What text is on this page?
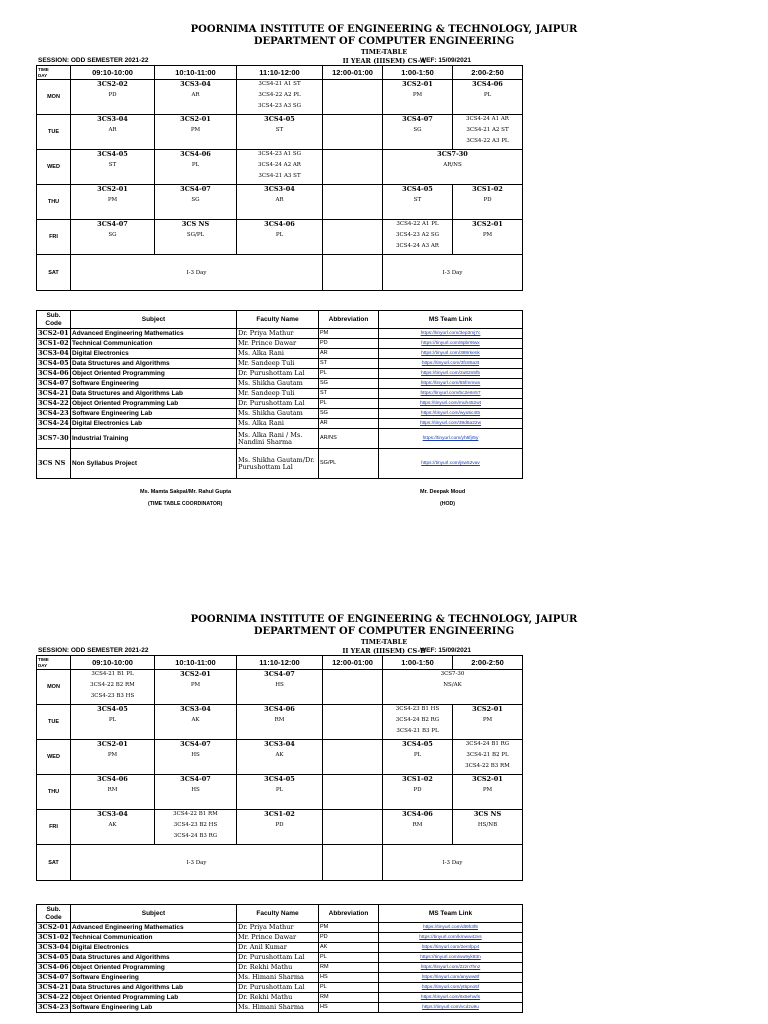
POORNIMA INSTITUTE OF ENGINEERING & TECHNOLOGY, JAIPUR
DEPARTMENT OF COMPUTER ENGINEERING
TIME-TABLE
SESSION: ODD SEMESTER 2021-22	II YEAR (IIISEM) CS-A
WEF: 15/09/2021
TIME
DAY	09:10-10:00	10:10-11:00	11:10-12:00	12:00-01:00	1:00-1:50	2:00-2:50
MON	3CS2-02
PD	3CS3-04
AR	3CS4-21 A1 ST
3CS4-22 A2 PL
3CS4-23 A3 SG		3CS2-01
PM	3CS4-06
PL

TUE	3CS3-04
AR	3CS2-01
PM	3CS4-05
ST		3CS4-07
SG	3CS4-24 A1 AR
3CS4-21 A2 ST
3CS4-22 A3 PL

WED	3CS4-05
ST	3CS4-06
PL	3CS4-23 A1 SG
3CS4-24 A2 AR
3CS4-21 A3 ST		3CS7-30
AR/NS	

THU	3CS2-01
PM	3CS4-07
SG	3CS3-04
AR		3CS4-05
ST	3CS1-02
PD

FRI	3CS4-07
SG	3CS NS
SG/PL	3CS4-06
PL		3CS4-22 A1 PL
3CS4-23 A2 SG
3CS4-24 A3 AR	3CS2-01
PM

SAT	I-3 Day				I-3 Day	
Sub. Code	Subject	Faculty Name	Abbreviation	MS Team Link
3CS2-01	Advanced Engineering Mathematics	Dr. Priya Mathur	PM	https://tinyurl.com/3ep3mj7c
3CS1-02	Technical Communication	Mr. Prince Dawar	PD	https://tinyurl.com/6pbr9twx
3CS3-04	Digital Electronics	Ms. Alka Rani	AR	https://tinyurl.com/388rkenk
3CS4-05	Data Structures and Algorithms	Mr. Sandeep Tuli	ST	https://tinyurl.com/3fc85a3t
3CS4-06	Object Oriented Programming	Dr. Purushottam Lal	PL	https://tinyurl.com/2u82n5f5
3CS4-07	Software Engineering	Ms. Shikha Gautam	SG	https://tinyurl.com/55fmmwx
3CS4-21	Data Structures and Algorithms Lab	Mr. Sandeep Tuli	ST	https://tinyurl.com/5c2e6n57
3CS4-22	Object Oriented Programming Lab	Dr. Purushottam Lal	PL	https://tinyurl.com/muh452wt
3CS4-23	Software Engineering Lab	Ms. Shikha Gautam	SG	https://tinyurl.com/wyu5c4t5
3CS4-24	Digital Electronics Lab	Ms. Alka Rani	AR	https://tinyurl.com/39d6a22w
3CS7-30	Industrial Training	Ms. Alka Rani / Ms. Nandini Sharma	AR/NS	https://tinyurl.com/yh6fjr5y
3CS NS	Non Syllabus Project	Ms. Shikha Gautam/Dr. Purushottam Lal	SG/PL	https://tinyurl.com/jsw52vav
Ms. Mamta Sakpal/Mr. Rahul Gupta
(TIME TABLE COORDINATOR)
Mr. Deepak Moud
(HOD)
POORNIMA INSTITUTE OF ENGINEERING & TECHNOLOGY, JAIPUR
DEPARTMENT OF COMPUTER ENGINEERING
TIME-TABLE
SESSION: ODD SEMESTER 2021-22	II YEAR (IIISEM) CS-B
WEF: 15/09/2021
TIME
DAY	09:10-10:00	10:10-11:00	11:10-12:00	12:00-01:00	1:00-1:50	2:00-2:50
MON	3CS4-21 B1 PL
3CS4-22 B2 RM
3CS4-23 B3 HS	3CS2-01
PM	3CS4-07
HS		3CS7-30
NS/AK	

TUE	3CS4-05
PL	3CS3-04
AK	3CS4-06
RM		3CS4-23 B1 HS
3CS4-24 B2 RG
3CS4-21 B3 PL	3CS2-01
PM

WED	3CS2-01
PM	3CS4-07
HS	3CS3-04
AK		3CS4-05
PL	3CS4-24 B1 RG
3CS4-21 B2 PL
3CS4-22 B3 RM

THU	3CS4-06
RM	3CS4-07
HS	3CS4-05
PL		3CS1-02
PD	3CS2-01
PM

FRI	3CS3-04
AK	3CS4-22 B1 RM
3CS4-23 B2 HS
3CS4-24 B3 RG	3CS1-02
PD		3CS4-06
RM	3CS NS
HS/NB

SAT	I-3 Day				I-3 Day	
Sub. Code	Subject	Faculty Name	Abbreviation	MS Team Link
3CS2-01	Advanced Engineering Mathematics	Dr. Priya Mathur	PM	https://tinyurl.com/dt9h3f6
3CS1-02	Technical Communication	Mr. Prince Dawar	PD	https://tinyurl.com/kmww42vs
3CS3-04	Digital Electronics	Dr. Anil Kumar	AK	https://tinyurl.com/2emfpp4
3CS4-05	Data Structures and Algorithms	Dr. Purushottam Lal	PL	https://tinyurl.com/wu9yk93n
3CS4-06	Object Oriented Programming	Dr. Rekhi Mathu	RM	https://tinyurl.com/2zzn7hnz
3CS4-07	Software Engineering	Ms. Himani Sharma	HS	https://tinyurl.com/anyww8f
3CS4-21	Data Structures and Algorithms Lab	Dr. Purushottam Lal	PL	https://tinyurl.com/yt5pno5f
3CS4-22	Object Oriented Programming Lab	Dr. Rekhi Mathu	RM	https://tinyurl.com/6x5ehwfs
3CS4-23	Software Engineering Lab	Ms. Himani Sharma	HS	https://tinyurl.com/vcdzu9u
